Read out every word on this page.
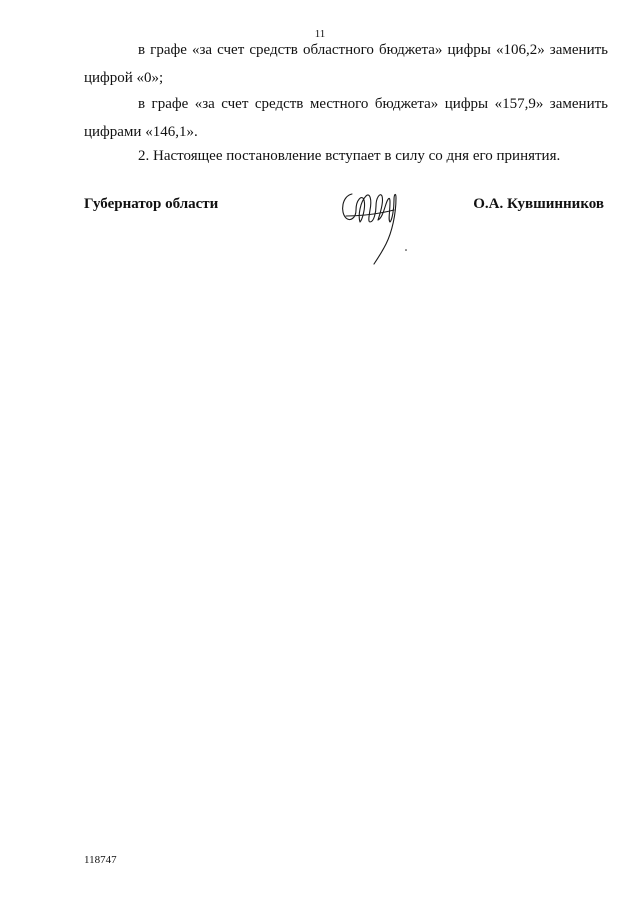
11

в графе «за счет средств областного бюджета» цифры «106,2» заменить
цифрой «0»;

в графе «за счет средств местного бюджета» цифры «157,9» заменить
цифрами «146,1».

2. Настоящее постановление вступает в силу со дня его принятия.

Губернатор области	О.А. Кувшинников
118747
